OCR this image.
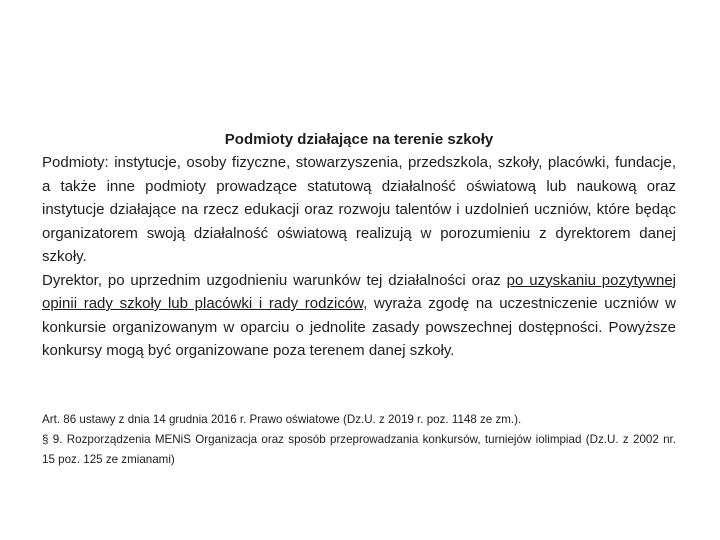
Podmioty działające na terenie szkoły

Podmioty: instytucje, osoby fizyczne, stowarzyszenia, przedszkola, szkoły, placówki, fundacje, a także inne podmioty prowadzące statutową działalność oświatową lub naukową oraz instytucje działające na rzecz edukacji oraz rozwoju talentów i uzdolnień uczniów, które będąc organizatorem swoją działalność oświatową realizują w porozumieniu z dyrektorem danej szkoły.

Dyrektor, po uprzednim uzgodnieniu warunków tej działalności oraz po uzyskaniu pozytywnej opinii rady szkoły lub placówki i rady rodziców, wyraża zgodę na uczestniczenie uczniów w konkursie organizowanym w oparciu o jednolite zasady powszechnej dostępności. Powyższe konkursy mogą być organizowane poza terenem danej szkoły.

Art. 86 ustawy z dnia 14 grudnia 2016 r. Prawo oświatowe (Dz.U. z 2019 r. poz. 1148 ze zm.).

§ 9. Rozporządzenia MENiS Organizacja oraz sposób przeprowadzania konkursów, turniejów iolimpiad (Dz.U. z 2002 nr. 15 poz. 125 ze zmianami)
